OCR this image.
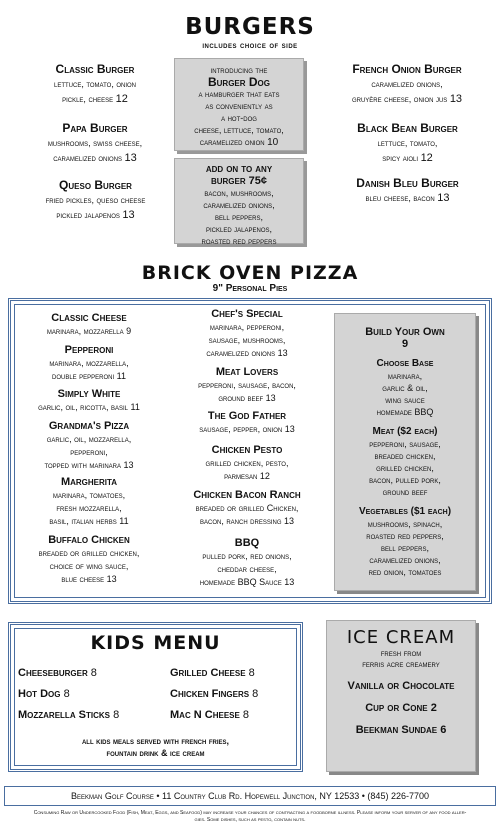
BURGERS
includes choice of side
Classic Burger
lettuce, tomato, onion
pickle, cheese 12
Papa Burger
mushrooms, swiss cheese,
caramelized onions 13
Queso Burger
fried pickles, queso cheese
pickled jalapenos 13
French Onion Burger
caramelized onions,
gruyère cheese, onion jus 13
Black Bean Burger
lettuce, tomato,
spicy aioli 12
Danish Bleu Burger
bleu cheese, bacon 13
introducing the
Burger Dog
a hamburger that eats
as conveniently as
a hot-dog
cheese, lettuce, tomato,
caramelized onion 10
add on to any
burger 75¢
bacon, mushrooms,
caramelized onions,
bell peppers,
pickled jalapenos,
roasted red peppers
BRICK OVEN PIZZA
9" Personal Pies
Classic Cheese
marinara, mozzarella 9
Pepperoni
marinara, mozzarella,
double pepperoni 11
Simply White
garlic, oil, ricotta, basil 11
Grandma's Pizza
garlic, oil, mozzarella,
pepperoni,
topped with marinara 13
Margherita
marinara, tomatoes,
fresh mozzarella,
basil, italian herbs 11
Buffalo Chicken
breaded or grilled chicken,
choice of wing sauce,
blue cheese 13
Chef's Special
marinara, pepperoni,
sausage, mushrooms,
caramelized onions 13
Meat Lovers
pepperoni, sausage, bacon,
ground beef 13
The God Father
sausage, pepper, onion 13
Chicken Pesto
grilled chicken, pesto,
parmesan 12
Chicken Bacon Ranch
breaded or grilled Chicken,
bacon, ranch dressing 13
BBQ
pulled pork, red onions,
cheddar cheese,
homemade BBQ Sauce 13
Build Your Own
9
Choose Base
marinara,
garlic & oil,
wing sauce
homemade BBQ
Meat ($2 each)
pepperoni, sausage,
breaded chicken,
grilled chicken,
bacon, pulled pork,
ground beef
Vegetables ($1 each)
mushrooms, spinach,
roasted red peppers,
bell peppers,
caramelized onions,
red onion, tomatoes
KIDS MENU
Cheeseburger 8	Grilled Cheese 8
Hot Dog 8	Chicken Fingers 8
Mozzarella Sticks 8	Mac N Cheese 8
all kids meals served with french fries,
fountain drink & ice cream
ICE CREAM
fresh from
ferris acre creamery
Vanilla or Chocolate
Cup or Cone 2
Beekman Sundae 6
Beekman Golf Course • 11 Country Club Rd. Hopewell Junction, NY 12533 • (845) 226-7700
Consuming Raw or Undercooked Food (Fish, Meat, Eggs, and Seafood) may increase your chances of contracting a foodborne illness. Please inform your server of any food aller-
gies. Some dishes, such as pesto, contain nuts.
